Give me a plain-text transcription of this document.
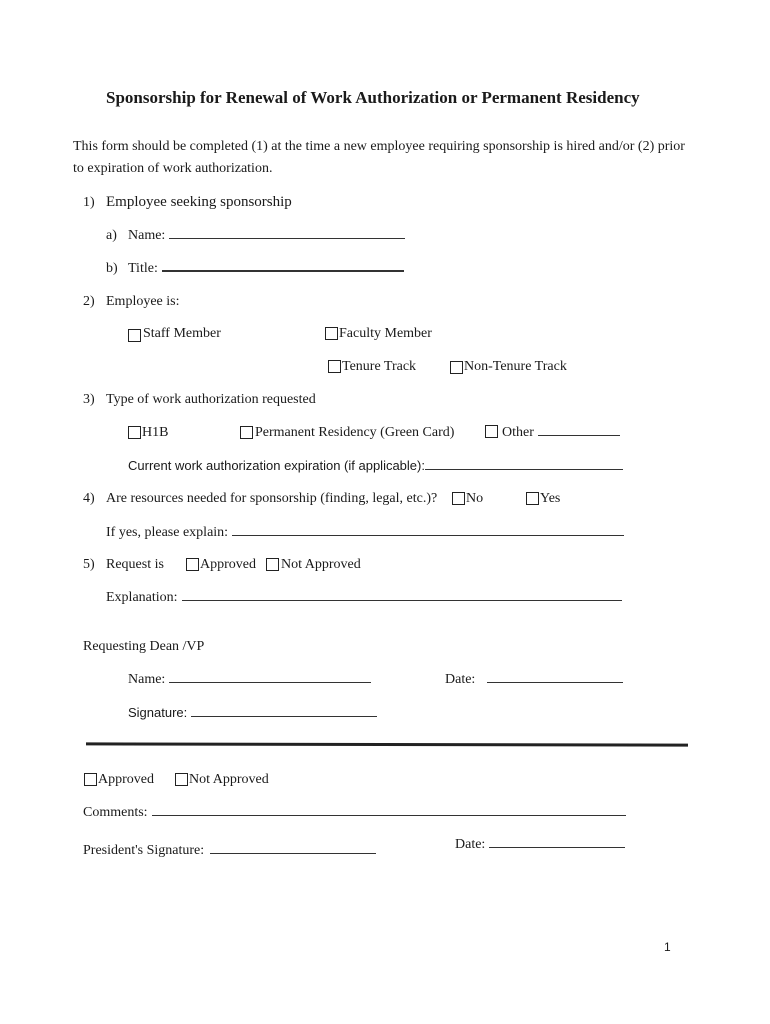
Sponsorship for Renewal of Work Authorization or Permanent Residency
This form should be completed (1) at the time a new employee requiring sponsorship is hired and/or (2) prior
to expiration of work authorization.
1) Employee seeking sponsorship
a) Name:
b) Title:
2) Employee is:
Staff Member	Faculty Member
Tenure Track	Non-Tenure Track
3) Type of work authorization requested
H1B	Permanent Residency (Green Card)	Other
Current work authorization expiration (if applicable):
4) Are resources needed for sponsorship (finding, legal, etc.)? No	Yes
If yes, please explain:
5) Request is	Approved Not Approved
Explanation:
Requesting Dean /VP
Name:	Date:
Signature:
Approved	Not Approved
Comments:
President's Signature:	Date:
1
